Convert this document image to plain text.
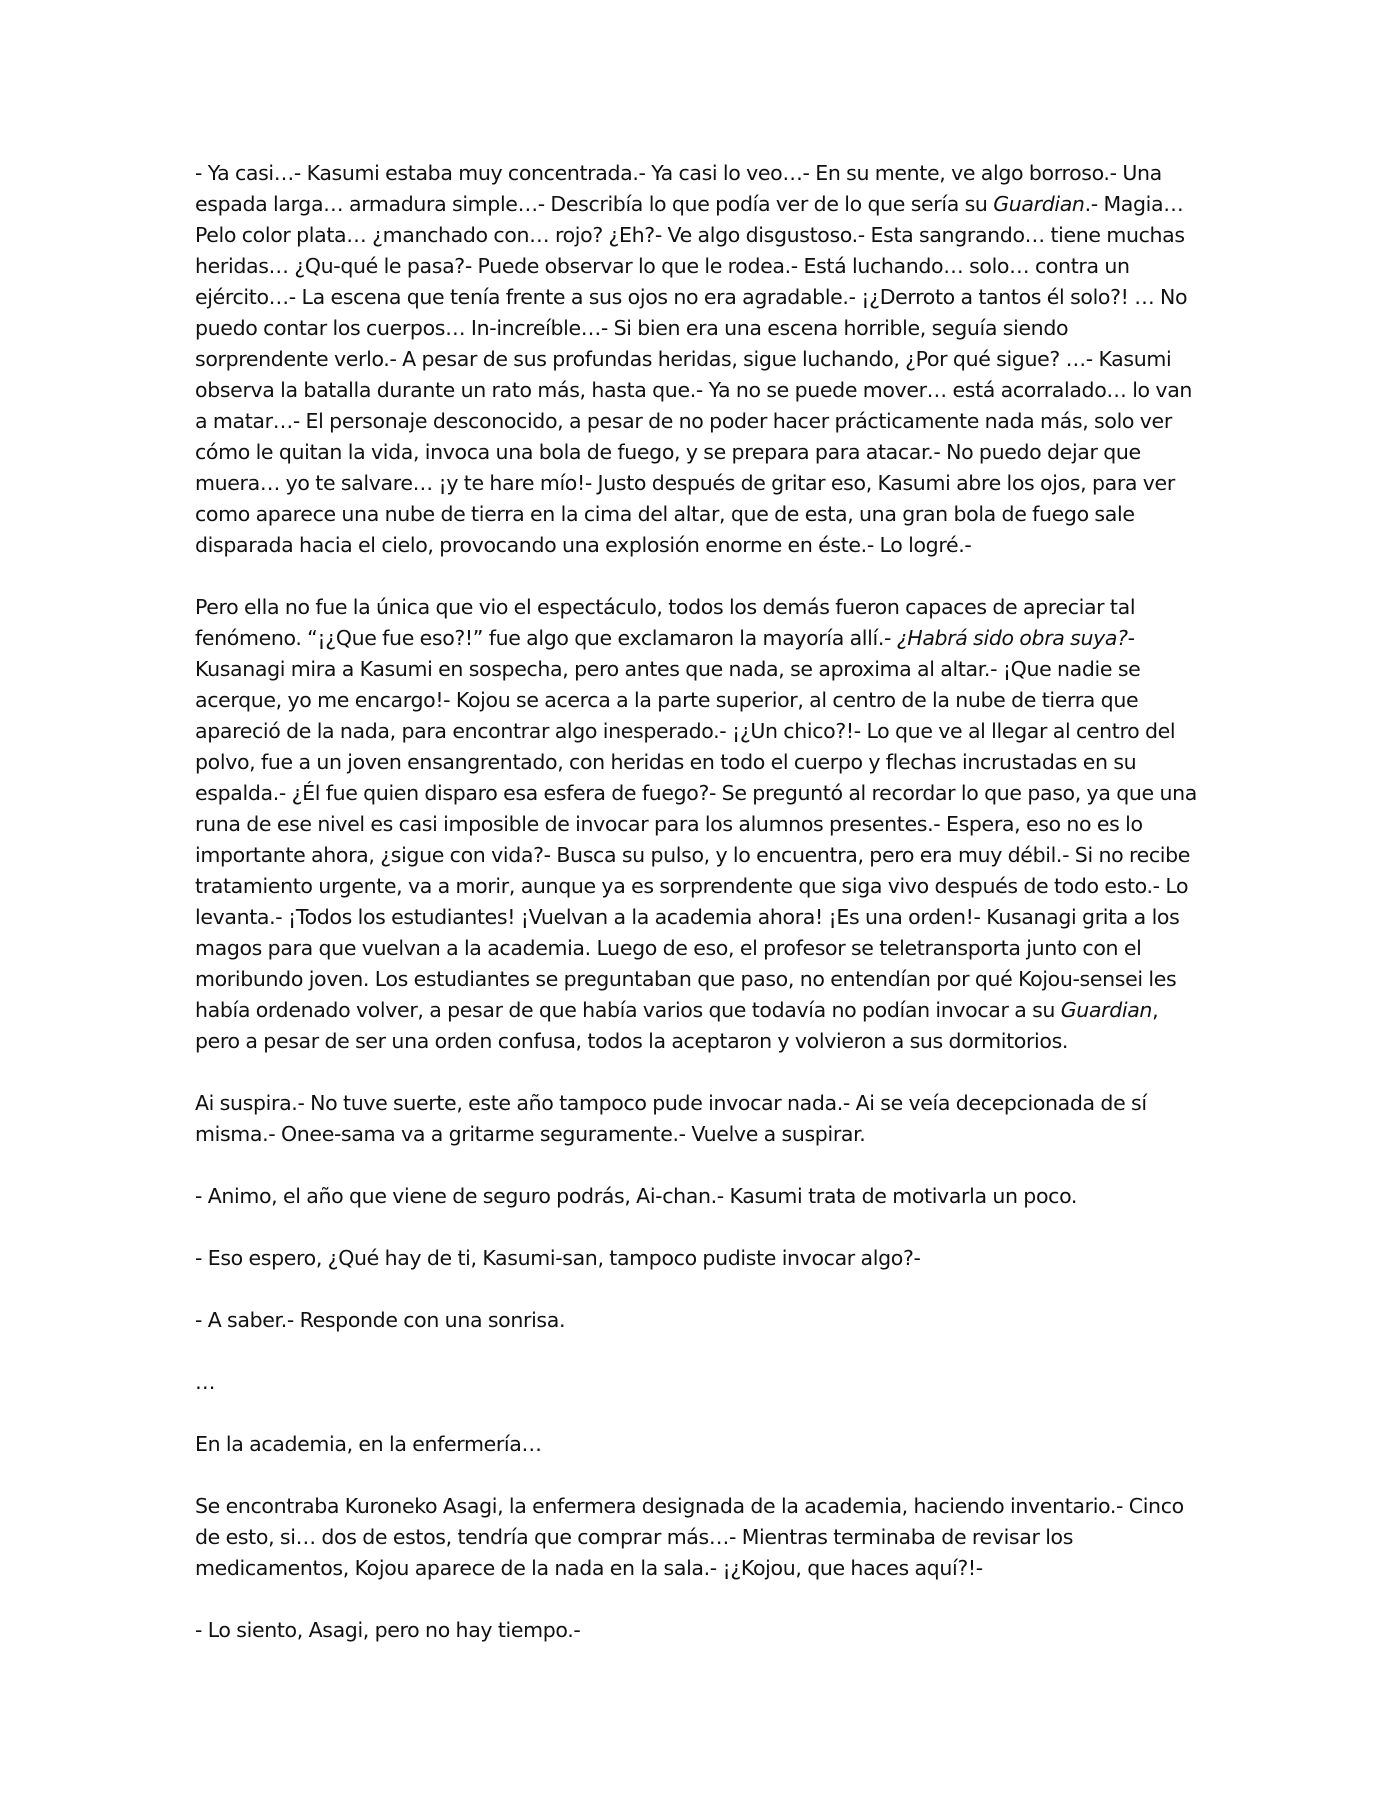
- Ya casi…- Kasumi estaba muy concentrada.- Ya casi lo veo…- En su mente, ve algo borroso.- Una espada larga… armadura simple…- Describía lo que podía ver de lo que sería su Guardian.- Magia… Pelo color plata… ¿manchado con… rojo? ¿Eh?- Ve algo disgustoso.- Esta sangrando… tiene muchas heridas… ¿Qu-qué le pasa?- Puede observar lo que le rodea.- Está luchando… solo… contra un ejército…- La escena que tenía frente a sus ojos no era agradable.- ¡¿Derroto a tantos él solo?! … No puedo contar los cuerpos… In-increíble…- Si bien era una escena horrible, seguía siendo sorprendente verlo.- A pesar de sus profundas heridas, sigue luchando, ¿Por qué sigue? …- Kasumi observa la batalla durante un rato más, hasta que.- Ya no se puede mover… está acorralado… lo van a matar…- El personaje desconocido, a pesar de no poder hacer prácticamente nada más, solo ver cómo le quitan la vida, invoca una bola de fuego, y se prepara para atacar.- No puedo dejar que muera… yo te salvare… ¡y te hare mío!- Justo después de gritar eso, Kasumi abre los ojos, para ver como aparece una nube de tierra en la cima del altar, que de esta, una gran bola de fuego sale disparada hacia el cielo, provocando una explosión enorme en éste.- Lo logré.-

Pero ella no fue la única que vio el espectáculo, todos los demás fueron capaces de apreciar tal fenómeno. “¡¿Que fue eso?!” fue algo que exclamaron la mayoría allí.- ¿Habrá sido obra suya?- Kusanagi mira a Kasumi en sospecha, pero antes que nada, se aproxima al altar.- ¡Que nadie se acerque, yo me encargo!- Kojou se acerca a la parte superior, al centro de la nube de tierra que apareció de la nada, para encontrar algo inesperado.- ¡¿Un chico?!- Lo que ve al llegar al centro del polvo, fue a un joven ensangrentado, con heridas en todo el cuerpo y flechas incrustadas en su espalda.- ¿Él fue quien disparo esa esfera de fuego?- Se preguntó al recordar lo que paso, ya que una runa de ese nivel es casi imposible de invocar para los alumnos presentes.- Espera, eso no es lo importante ahora, ¿sigue con vida?- Busca su pulso, y lo encuentra, pero era muy débil.- Si no recibe tratamiento urgente, va a morir, aunque ya es sorprendente que siga vivo después de todo esto.- Lo levanta.- ¡Todos los estudiantes! ¡Vuelvan a la academia ahora! ¡Es una orden!- Kusanagi grita a los magos para que vuelvan a la academia. Luego de eso, el profesor se teletransporta junto con el moribundo joven. Los estudiantes se preguntaban que paso, no entendían por qué Kojou-sensei les había ordenado volver, a pesar de que había varios que todavía no podían invocar a su Guardian, pero a pesar de ser una orden confusa, todos la aceptaron y volvieron a sus dormitorios.

Ai suspira.- No tuve suerte, este año tampoco pude invocar nada.- Ai se veía decepcionada de sí misma.- Onee-sama va a gritarme seguramente.- Vuelve a suspirar.

- Animo, el año que viene de seguro podrás, Ai-chan.- Kasumi trata de motivarla un poco.

- Eso espero, ¿Qué hay de ti, Kasumi-san, tampoco pudiste invocar algo?-

- A saber.- Responde con una sonrisa.

…

En la academia, en la enfermería…

Se encontraba Kuroneko Asagi, la enfermera designada de la academia, haciendo inventario.- Cinco de esto, si… dos de estos, tendría que comprar más…- Mientras terminaba de revisar los medicamentos, Kojou aparece de la nada en la sala.- ¡¿Kojou, que haces aquí?!-

- Lo siento, Asagi, pero no hay tiempo.-
